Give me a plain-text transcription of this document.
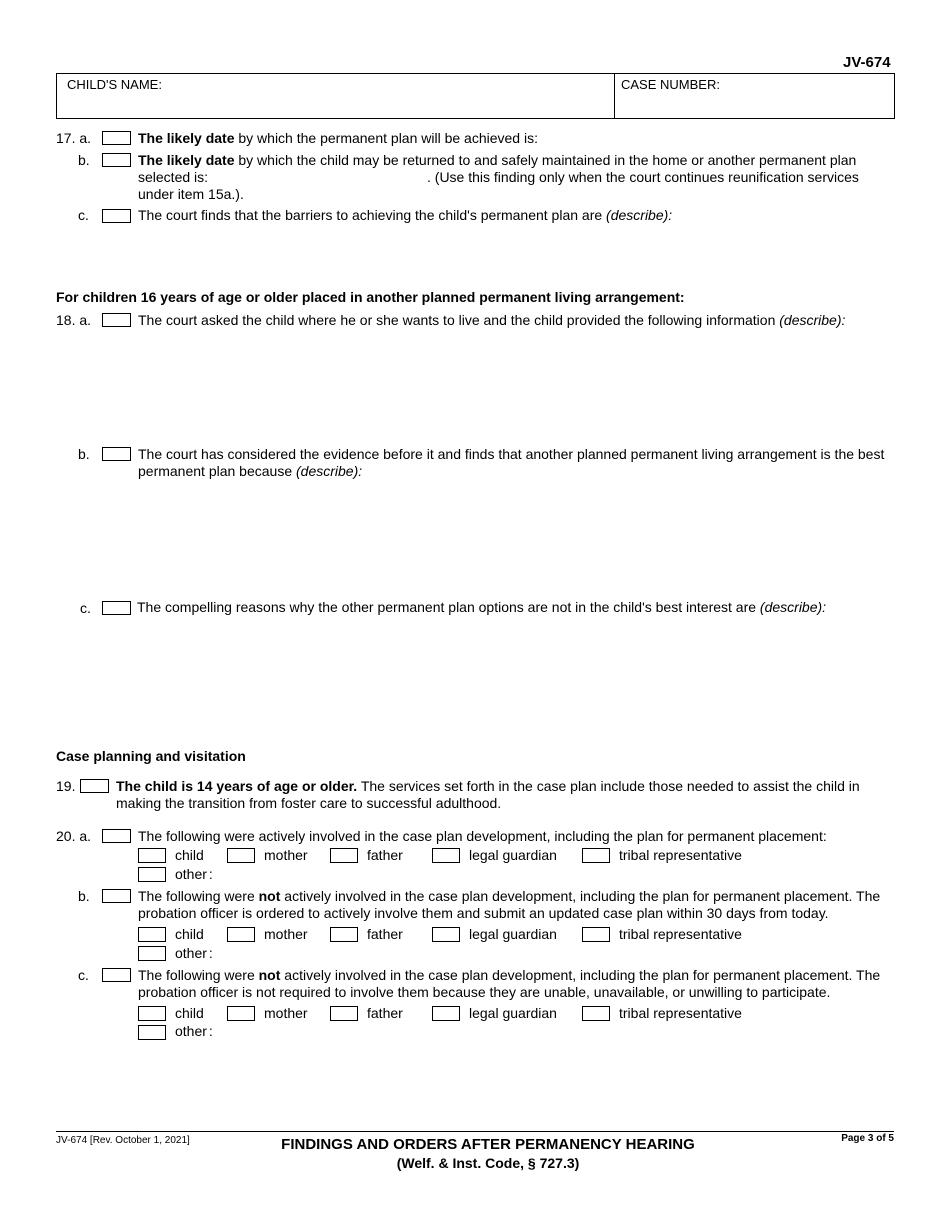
JV-674
CHILD'S NAME:	CASE NUMBER:
17. a.	The likely date by which the permanent plan will be achieved is:
b.	The likely date by which the child may be returned to and safely maintained in the home or another permanent plan
selected is:	. (Use this finding only when the court continues reunification services
under item 15a.).
c.	The court finds that the barriers to achieving the child's permanent plan are (describe):
For children 16 years of age or older placed in another planned permanent living arrangement:
18. a.	The court asked the child where he or she wants to live and the child provided the following information (describe):
b.	The court has considered the evidence before it and finds that another planned permanent living arrangement is the best
permanent plan because (describe):
c.	The compelling reasons why the other permanent plan options are not in the child's best interest are (describe):
Case planning and visitation
19.	The child is 14 years of age or older. The services set forth in the case plan include those needed to assist the child in
making the transition from foster care to successful adulthood.
20. a.	The following were actively involved in the case plan development, including the plan for permanent placement:
child	mother	father	legal guardian	tribal representative
other :
b.	The following were not actively involved in the case plan development, including the plan for permanent placement. The
probation officer is ordered to actively involve them and submit an updated case plan within 30 days from today.
child	mother	father	legal guardian	tribal representative
other :
c.	The following were not actively involved in the case plan development, including the plan for permanent placement. The
probation officer is not required to involve them because they are unable, unavailable, or unwilling to participate.
child	mother	father	legal guardian	tribal representative
other :
JV-674 [Rev. October 1, 2021]	FINDINGS AND ORDERS AFTER PERMANENCY HEARING
(Welf. & Inst. Code, § 727.3)
Page 3 of 5
